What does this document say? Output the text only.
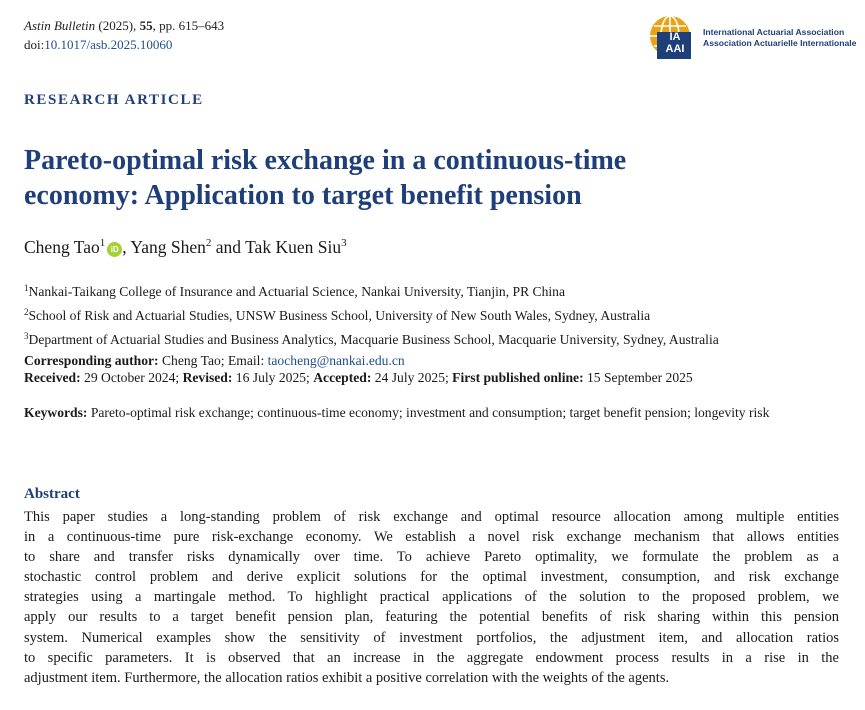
Astin Bulletin (2025), 55, pp. 615–643
doi:10.1017/asb.2025.10060	IA
AAI
International Actuarial Association
Association Actuarielle Internationale
RESEARCH ARTICLE
Pareto-optimal risk exchange in a continuous-time
economy: Application to target benefit pension
Cheng Tao$^1$iD , Yang Shen$^2$ and Tak Kuen Siu$^3$
$^1$Nankai-Taikang College of Insurance and Actuarial Science, Nankai University, Tianjin, PR China
$^2$School of Risk and Actuarial Studies, UNSW Business School, University of New South Wales, Sydney, Australia
$^3$Department of Actuarial Studies and Business Analytics, Macquarie Business School, Macquarie University, Sydney, Australia
Corresponding author: Cheng Tao; Email: taocheng@nankai.edu.cn
Received: 29 October 2024; Revised: 16 July 2025; Accepted: 24 July 2025; First published online: 15 September 2025
Keywords: Pareto-optimal risk exchange; continuous-time economy; investment and consumption; target benefit pension; longevity risk
Abstract
This paper studies a long-standing problem of risk exchange and optimal resource allocation among multiple entities
in a continuous-time pure risk-exchange economy. We establish a novel risk exchange mechanism that allows entities
to share and transfer risks dynamically over time. To achieve Pareto optimality, we formulate the problem as a
stochastic control problem and derive explicit solutions for the optimal investment, consumption, and risk exchange
strategies using a martingale method. To highlight practical applications of the solution to the proposed problem, we
apply our results to a target benefit pension plan, featuring the potential benefits of risk sharing within this pension
system. Numerical examples show the sensitivity of investment portfolios, the adjustment item, and allocation ratios
to specific parameters. It is observed that an increase in the aggregate endowment process results in a rise in the
adjustment item. Furthermore, the allocation ratios exhibit a positive correlation with the weights of the agents.
